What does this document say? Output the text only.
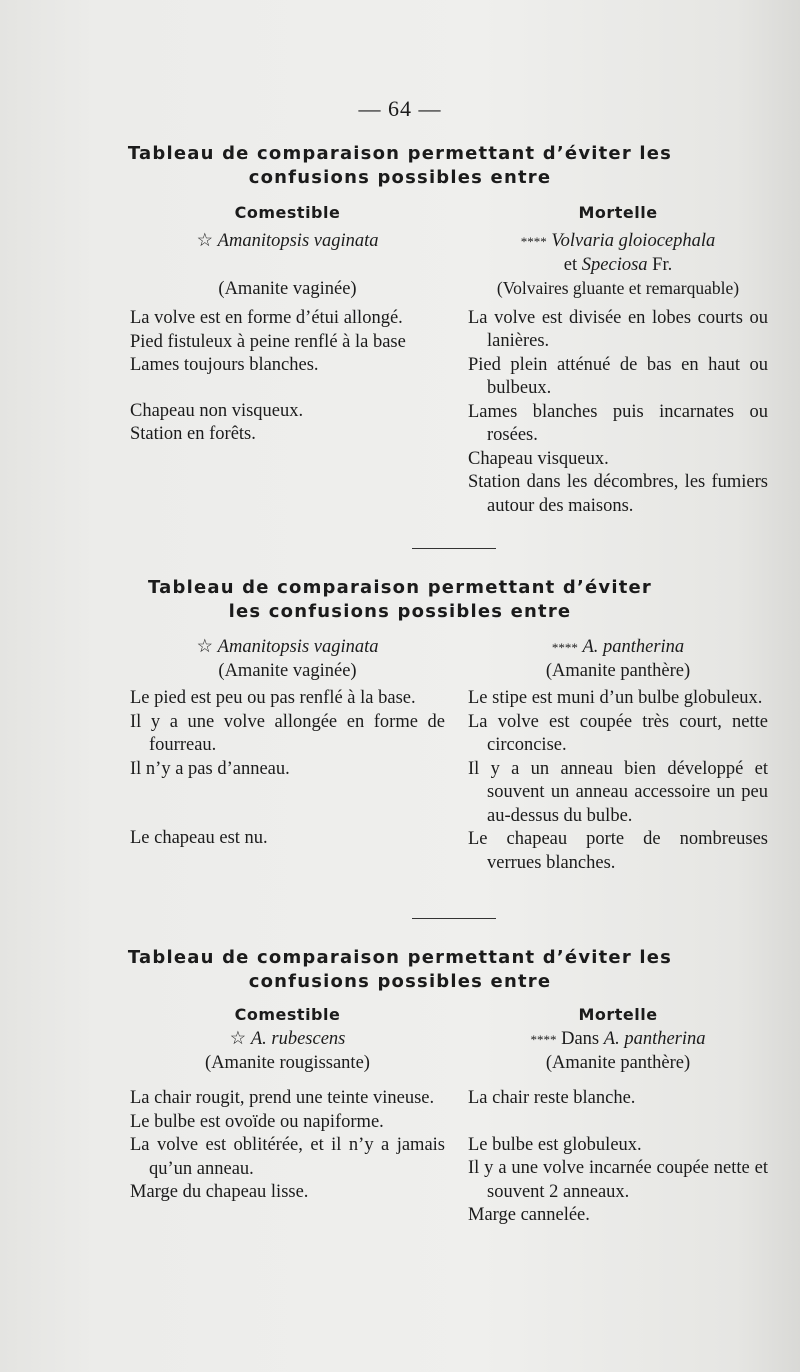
— 64 —
Tableau de comparaison permettant d’éviter les
confusions possibles entre
Comestible
☆ Amanitopsis vaginata
(Amanite vaginée)
La volve est en forme d’étui allongé.
Pied fistuleux à peine renflé à la base
Lames toujours blanches.
Chapeau non visqueux.
Station en forêts.
Mortelle
**** Volvaria gloiocephala
et Speciosa Fr.
(Volvaires gluante et remarquable)
La volve est divisée en lobes courts ou lanières.
Pied plein atténué de bas en haut ou bulbeux.
Lames blanches puis incarnates ou rosées.
Chapeau visqueux.
Station dans les décombres, les fumiers autour des maisons.
Tableau de comparaison permettant d’éviter
les confusions possibles entre
☆ Amanitopsis vaginata
(Amanite vaginée)
Le pied est peu ou pas renflé à la base.
Il y a une volve allongée en forme de fourreau.
Il n’y a pas d’anneau.
Le chapeau est nu.
**** A. pantherina
(Amanite panthère)
Le stipe est muni d’un bulbe globuleux.
La volve est coupée très court, nette circoncise.
Il y a un anneau bien développé et souvent un anneau accessoire un peu au-dessus du bulbe.
Le chapeau porte de nombreuses verrues blanches.
Tableau de comparaison permettant d’éviter les
confusions possibles entre
Comestible
☆ A. rubescens
(Amanite rougissante)
La chair rougit, prend une teinte vineuse.
Le bulbe est ovoïde ou napiforme.
La volve est oblitérée, et il n’y a jamais qu’un anneau.
Marge du chapeau lisse.
Mortelle
**** Dans A. pantherina
(Amanite panthère)
La chair reste blanche.
Le bulbe est globuleux.
Il y a une volve incarnée coupée nette et souvent 2 anneaux.
Marge cannelée.
